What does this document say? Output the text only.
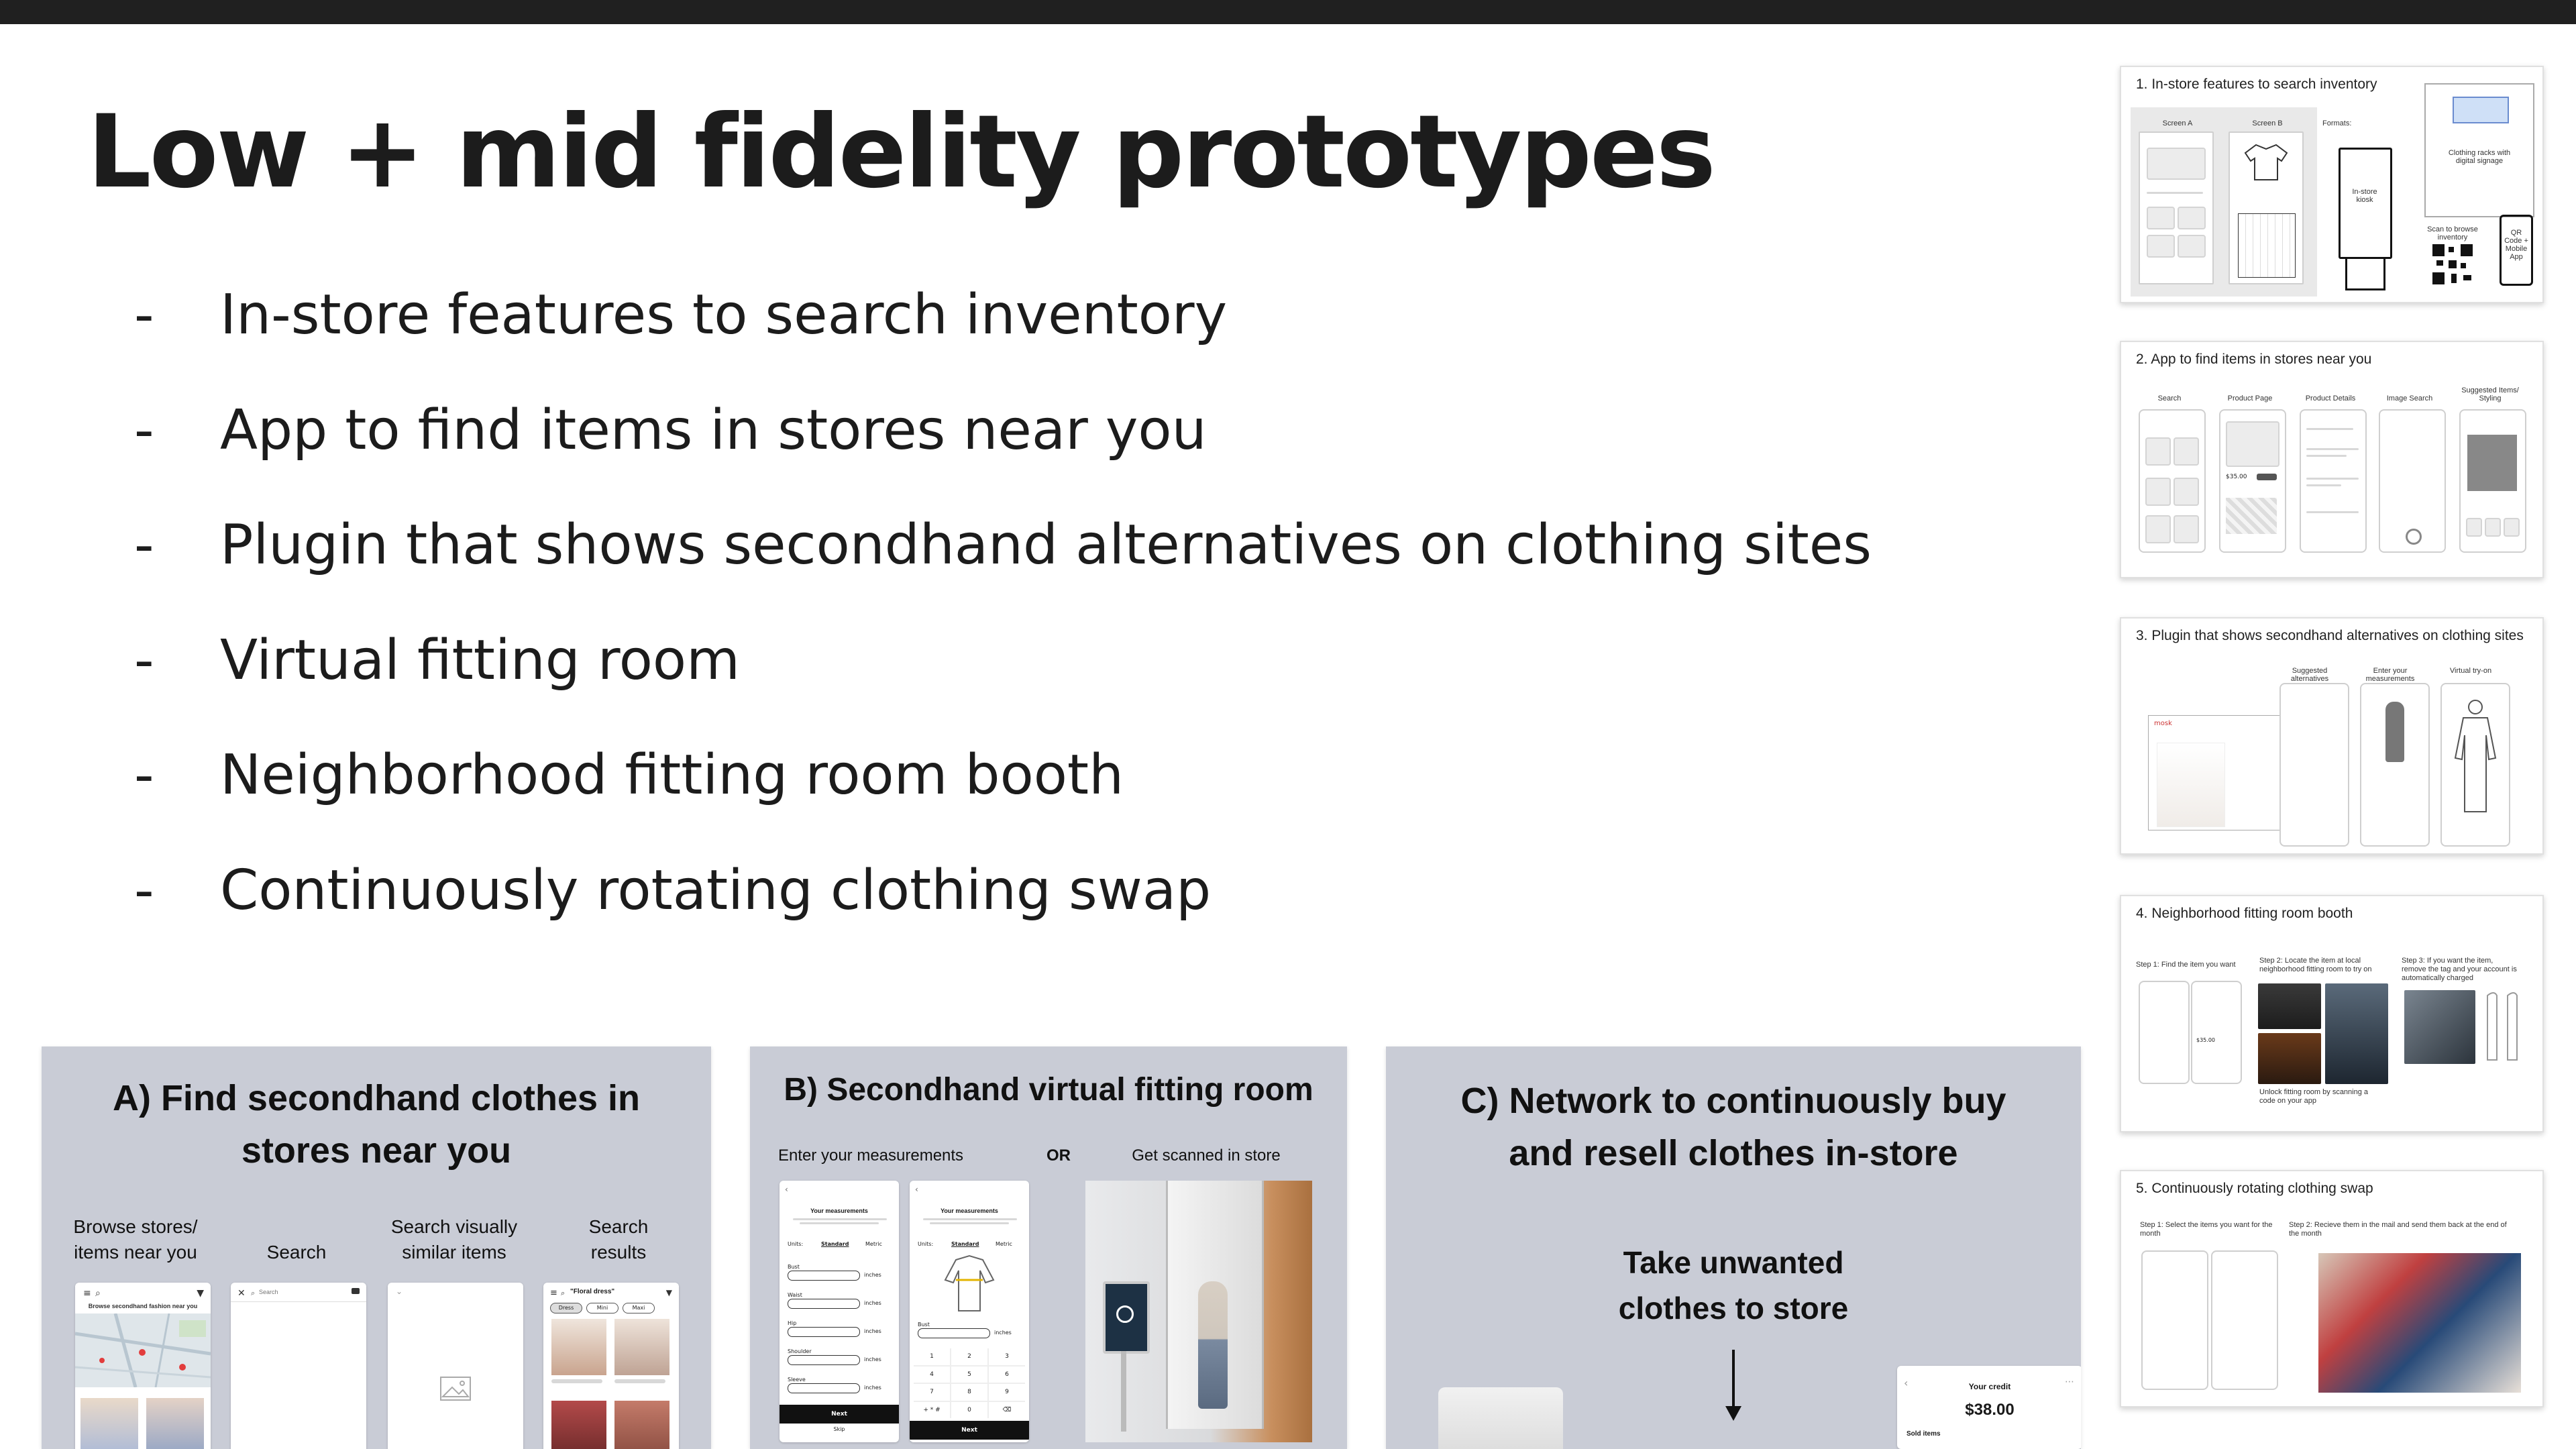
Low + mid fidelity prototypes
- In-store features to search inventory
- App to find items in stores near you
- Plugin that shows secondhand alternatives on clothing sites
- Virtual fitting room
- Neighborhood fitting room booth
- Continuously rotating clothing swap
A) Find secondhand clothes in
stores near you
Browse stores/
items near you	Search
Search visually
similar items
Search
results
≡ ⌕	▼
Browse secondhand fashion near you
✕ ⌕
Search	⌄	≡ ⌕ "Floral dress"	▼
Dress	Mini	Maxi
B) Secondhand virtual fitting room
Enter your measurements	OR	Get scanned in store
‹
Your measurements
Units:	Standard	Metric
Bust
inches
Waist
inches
Hip
inches
Shoulder
inches
Sleeve
inches
Next
Skip
‹
Your measurements
Units:	Standard	Metric
Bust
inches
1	2	3
4	5	6
7	8	9
+ * #	0	⌫
Next
C) Network to continuously buy
and resell clothes in-store
Take unwanted
clothes to store
‹	⋯
Your credit
$38.00
Sold items
1. In-store features to search inventory
Screen A	Screen B	Formats:
In-store kiosk
Clothing racks with digital signage
Scan to browse inventory
QR Code + Mobile App
2. App to find items in stores near you
Search	Product Page	Product Details	Image Search
Suggested Items/ Styling
$35.00
3. Plugin that shows secondhand alternatives on clothing sites
Suggested alternatives
Enter your measurements
Virtual try-on
mosk
4. Neighborhood fitting room booth
Step 1: Find the item you want	Step 2: Locate the item at local neighborhood fitting room to try on
Step 3: If you want the item, remove the tag and your account is automatically charged
$35.00
Unlock fitting room by scanning a code on your app
5. Continuously rotating clothing swap
Step 1: Select the items you want for the month
Step 2: Recieve them in the mail and send them back at the end of the month
